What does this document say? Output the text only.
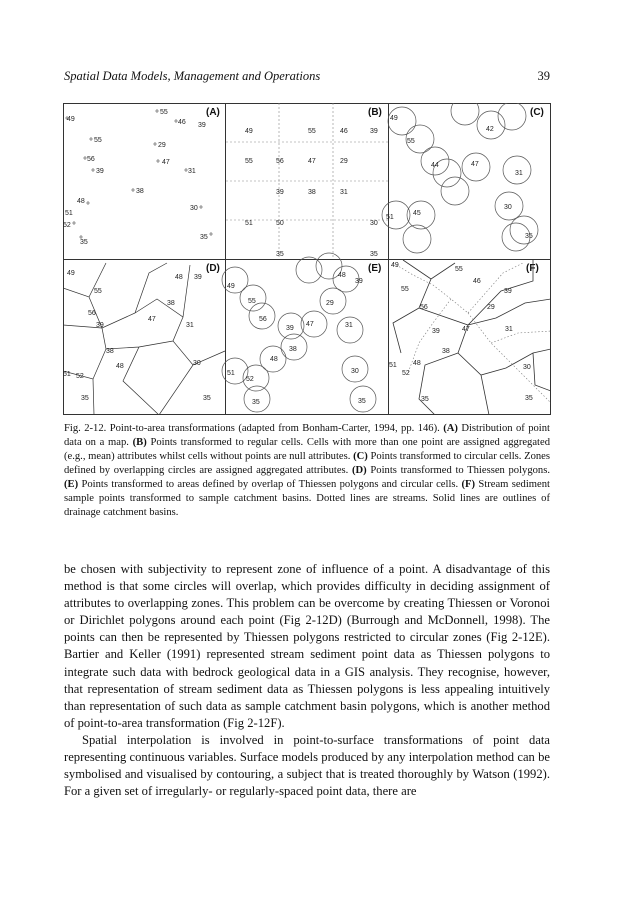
Spatial Data Models, Management and Operations	39
(A)	(B)	(C)
(D)	(E)	(F)
49
55
46 39
55
29
56	47
39	31
38
48
30
51
52
35
35
49	55	46	39
55	56	47	29
39	38	31
51	50	30
35	35
49
55
42
44	47
31
30
51
45
35
49
55
48 39
56
38
47
31
39
38
48	30
51 52
35	35
49
55
48
39
29
56
39
47	31
38
48
30
51
52
35	35
49
55
46
39
55
29
56
39	47	31
38
48
30
51
52
35	35
Fig. 2-12. Point-to-area transformations (adapted from Bonham-Carter, 1994, pp. 146). (A) Distribution of point data on a map. (B) Points transformed to regular cells. Cells with more than one point are assigned aggregated (e.g., mean) attributes whilst cells without points are null attributes. (C) Points transformed to circular cells. Zones defined by overlapping circles are assigned aggregated attributes. (D) Points transformed to Thiessen polygons. (E) Points transformed to areas defined by overlap of Thiessen polygons and circular cells. (F) Stream sediment sample points transformed to sample catchment basins. Dotted lines are streams. Solid lines are outlines of drainage catchment basins.

be chosen with subjectivity to represent zone of influence of a point. A disadvantage of this method is that some circles will overlap, which provides difficulty in deciding assignment of attributes to overlapping zones. This problem can be overcome by creating Thiessen or Voronoi or Dirichlet polygons around each point (Fig 2-12D) (Burrough and McDonnell, 1998). The points can then be represented by Thiessen polygons restricted to circular zones (Fig 2-12E). Bartier and Keller (1991) represented stream sediment point data as Thiessen polygons to integrate such data with bedrock geological data in a GIS analysis. They recognise, however, that representation of stream sediment data as Thiessen polygons is less appealing intuitively than representation of such data as sample catchment basin polygons, which is another method of point-to-area transformation (Fig 2-12F).

Spatial interpolation is involved in point-to-surface transformations of point data representing continuous variables. Surface models produced by any interpolation method can be symbolised and visualised by contouring, a subject that is treated thoroughly by Watson (1992). For a given set of irregularly- or regularly-spaced point data, there are
